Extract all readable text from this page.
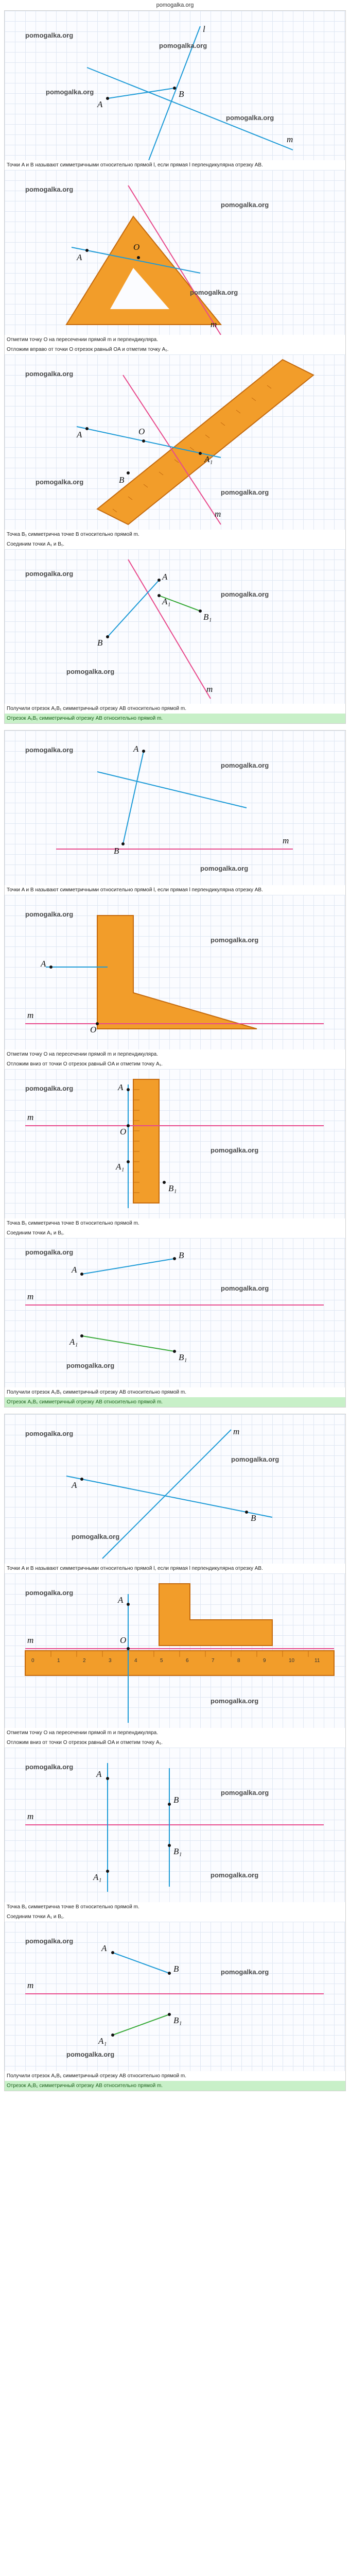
pomogalka.org
pomogalka.org
pomogalka.org
pomogalka.org
pomogalka.org
A
B
l
m
Точки A и B называют симметричными относительно прямой l, если прямая l перпендикулярна отрезку AB.
pomogalka.org
pomogalka.org
pomogalka.org
A
O
m
Отметим точку O на пересечении прямой m и перпендикуляра.
Отложим вправо от точки O отрезок равный OA и отметим точку A₁.
pomogalka.org
pomogalka.org
pomogalka.org
A	O
A₁
B
m
Точка B₁ симметрична точке B относительно прямой m.
Соединим точки A₁ и B₁.
pomogalka.org
pomogalka.org
pomogalka.org
B
A
A₁
B₁
m
Получили отрезок A₁B₁ симметричный отрезку AB относительно прямой m.
Отрезок A₁B₁ симметричный отрезку AB относительно прямой m.
pomogalka.org
pomogalka.org
pomogalka.org
A
B
m
Точки A и B называют симметричными относительно прямой l, если прямая l перпендикулярна отрезку AB.
pomogalka.org
pomogalka.org
A
O
m
Отметим точку O на пересечении прямой m и перпендикуляра.
Отложим вниз от точки O отрезок равный OA и отметим точку A₁.
pomogalka.org
pomogalka.org
A
O
A₁
B₁
m
Точка B₁ симметрична точке B относительно прямой m.
Соединим точки A₁ и B₁.
pomogalka.org
pomogalka.org
pomogalka.org
A
B
A₁
B₁
m
Получили отрезок A₁B₁ симметричный отрезку AB относительно прямой m.
Отрезок A₁B₁ симметричный отрезку AB относительно прямой m.
pomogalka.org
pomogalka.org
pomogalka.org
A
B
m
Точки A и B называют симметричными относительно прямой l, если прямая l перпендикулярна отрезку AB.
0	1	2	3	4	5	6	7	8	9	10	11
pomogalka.org
pomogalka.org
A
O
m
Отметим точку O на пересечении прямой m и перпендикуляра.
Отложим вниз от точки O отрезок равный OA и отметим точку A₁.
pomogalka.org
pomogalka.org
pomogalka.org
A
B
A₁
B₁
m
Точка B₁ симметрична точке B относительно прямой m.
Соединим точки A₁ и B₁.
pomogalka.org
pomogalka.org
pomogalka.org
A
B
A₁
B₁
m
Получили отрезок A₁B₁ симметричный отрезку AB относительно прямой m.
Отрезок A₁B₁ симметричный отрезку AB относительно прямой m.
